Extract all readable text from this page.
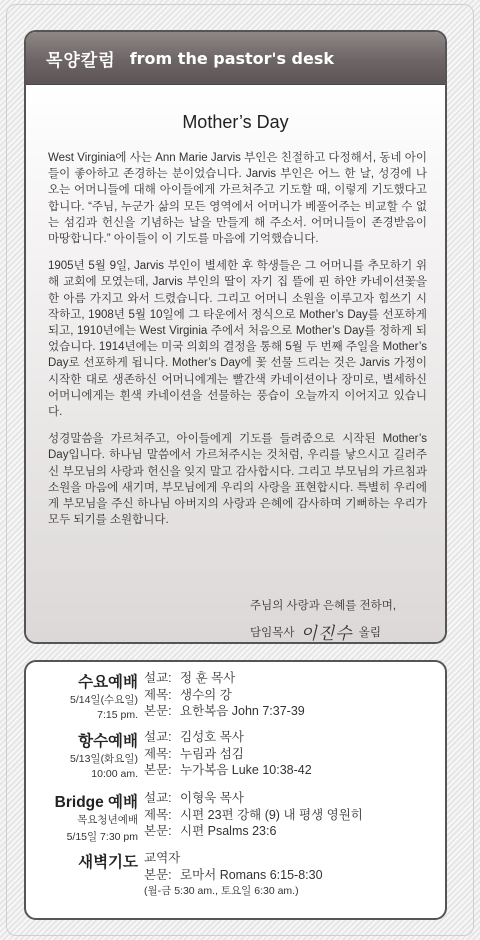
목양칼럼 from the pastor's desk
Mother’s Day

West Virginia에 사는 Ann Marie Jarvis 부인은 친절하고 다정해서, 동네 아이들이 좋아하고 존경하는 분이었습니다. Jarvis 부인은 어느 한 날, 성경에 나오는 어머니들에 대해 아이들에게 가르쳐주고 기도할 때, 이렇게 기도했다고 합니다. “주님, 누군가 삶의 모든 영역에서 어머니가 베풀어주는 비교할 수 없는 섬김과 헌신을 기념하는 날을 만들게 해 주소서. 어머니들이 존경받음이 마땅합니다.” 아이들이 이 기도를 마음에 기억했습니다.

1905년 5월 9일, Jarvis 부인이 별세한 후 학생들은 그 어머니를 추모하기 위해 교회에 모였는데, Jarvis 부인의 딸이 자기 집 뜰에 핀 하얀 카네이션꽃을 한 아름 가지고 와서 드렸습니다. 그리고 어머니 소원을 이루고자 힘쓰기 시작하고, 1908년 5월 10일에 그 타운에서 정식으로 Mother’s Day를 선포하게 되고, 1910년에는 West Virginia 주에서 처음으로 Mother’s Day를 정하게 되었습니다. 1914년에는 미국 의회의 결정을 통해 5월 두 번째 주일을 Mother’s Day로 선포하게 됩니다. Mother’s Day에 꽃 선물 드리는 것은 Jarvis 가정이 시작한 대로 생존하신 어머니에게는 빨간색 카네이션이나 장미로, 별세하신 어머니에게는 흰색 카네이션을 선물하는 풍습이 오늘까지 이어지고 있습니다.

성경말씀을 가르쳐주고, 아이들에게 기도를 들려줌으로 시작된 Mother’s Day입니다. 하나님 말씀에서 가르쳐주시는 것처럼, 우리를 낳으시고 길러주신 부모님의 사랑과 헌신을 잊지 말고 감사합시다. 그리고 부모님의 가르침과 소원을 마음에 새기며, 부모님에게 우리의 사랑을 표현합시다. 특별히 우리에게 부모님을 주신 하나님 아버지의 사랑과 은혜에 감사하며 기뻐하는 우리가 모두 되기를 소원합니다.

주님의 사랑과 은혜를 전하며,
담임목사 이진수 올림
수요예배
5/14일(수요일)
7:15 pm.
설교: 정 훈 목사
제목: 생수의 강
본문: 요한복음 John 7:37-39
항수예배
5/13일(화요일)
10:00 am.
설교: 김성호 목사
제목: 누림과 섬김
본문: 누가복음 Luke 10:38-42
Bridge 예배
목요청년예배
5/15일 7:30 pm
설교: 이형욱 목사
제목: 시편 23편 강해 (9) 내 평생 영원히
본문: 시편 Psalms 23:6
새벽기도 교역자
본문: 로마서 Romans 6:15-8:30
(월-금 5:30 am., 토요일 6:30 am.)
